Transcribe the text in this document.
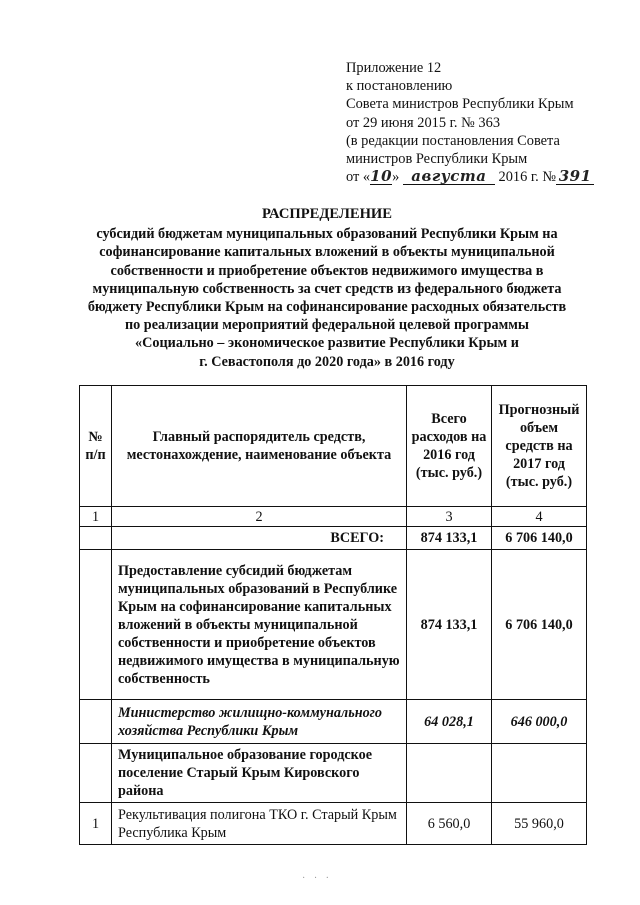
Приложение 12
к постановлению
Совета министров Республики Крым
от 29 июня 2015 г. № 363
(в редакции постановления Совета
министров Республики Крым
от «10» августа 2016 г. № 391
РАСПРЕДЕЛЕНИЕ
субсидий бюджетам муниципальных образований Республики Крым на
софинансирование капитальных вложений в объекты муниципальной
собственности и приобретение объектов недвижимого имущества в
муниципальную собственность за счет средств из федерального бюджета
бюджету Республики Крым на софинансирование расходных обязательств
по реализации мероприятий федеральной целевой программы
«Социально – экономическое развитие Республики Крым и
г. Севастополя до 2020 года» в 2016 году
№ п/п	Главный распорядитель средств, местонахождение, наименование объекта	Всего расходов на 2016 год (тыс. руб.)	Прогнозный объем средств на 2017 год (тыс. руб.)
1	2	3	4
	ВСЕГО:	874 133,1	6 706 140,0
	Предоставление субсидий бюджетам муниципальных образований в Республике Крым на софинансирование капитальных вложений в объекты муниципальной собственности и приобретение объектов недвижимого имущества в муниципальную собственность	874 133,1	6 706 140,0
	Министерство жилищно-коммунального хозяйства Республики Крым	64 028,1	646 000,0
	Муниципальное образование городское поселение Старый Крым Кировского района		
1	Рекультивация полигона ТКО г. Старый Крым Республика Крым	6 560,0	55 960,0
· · ·
